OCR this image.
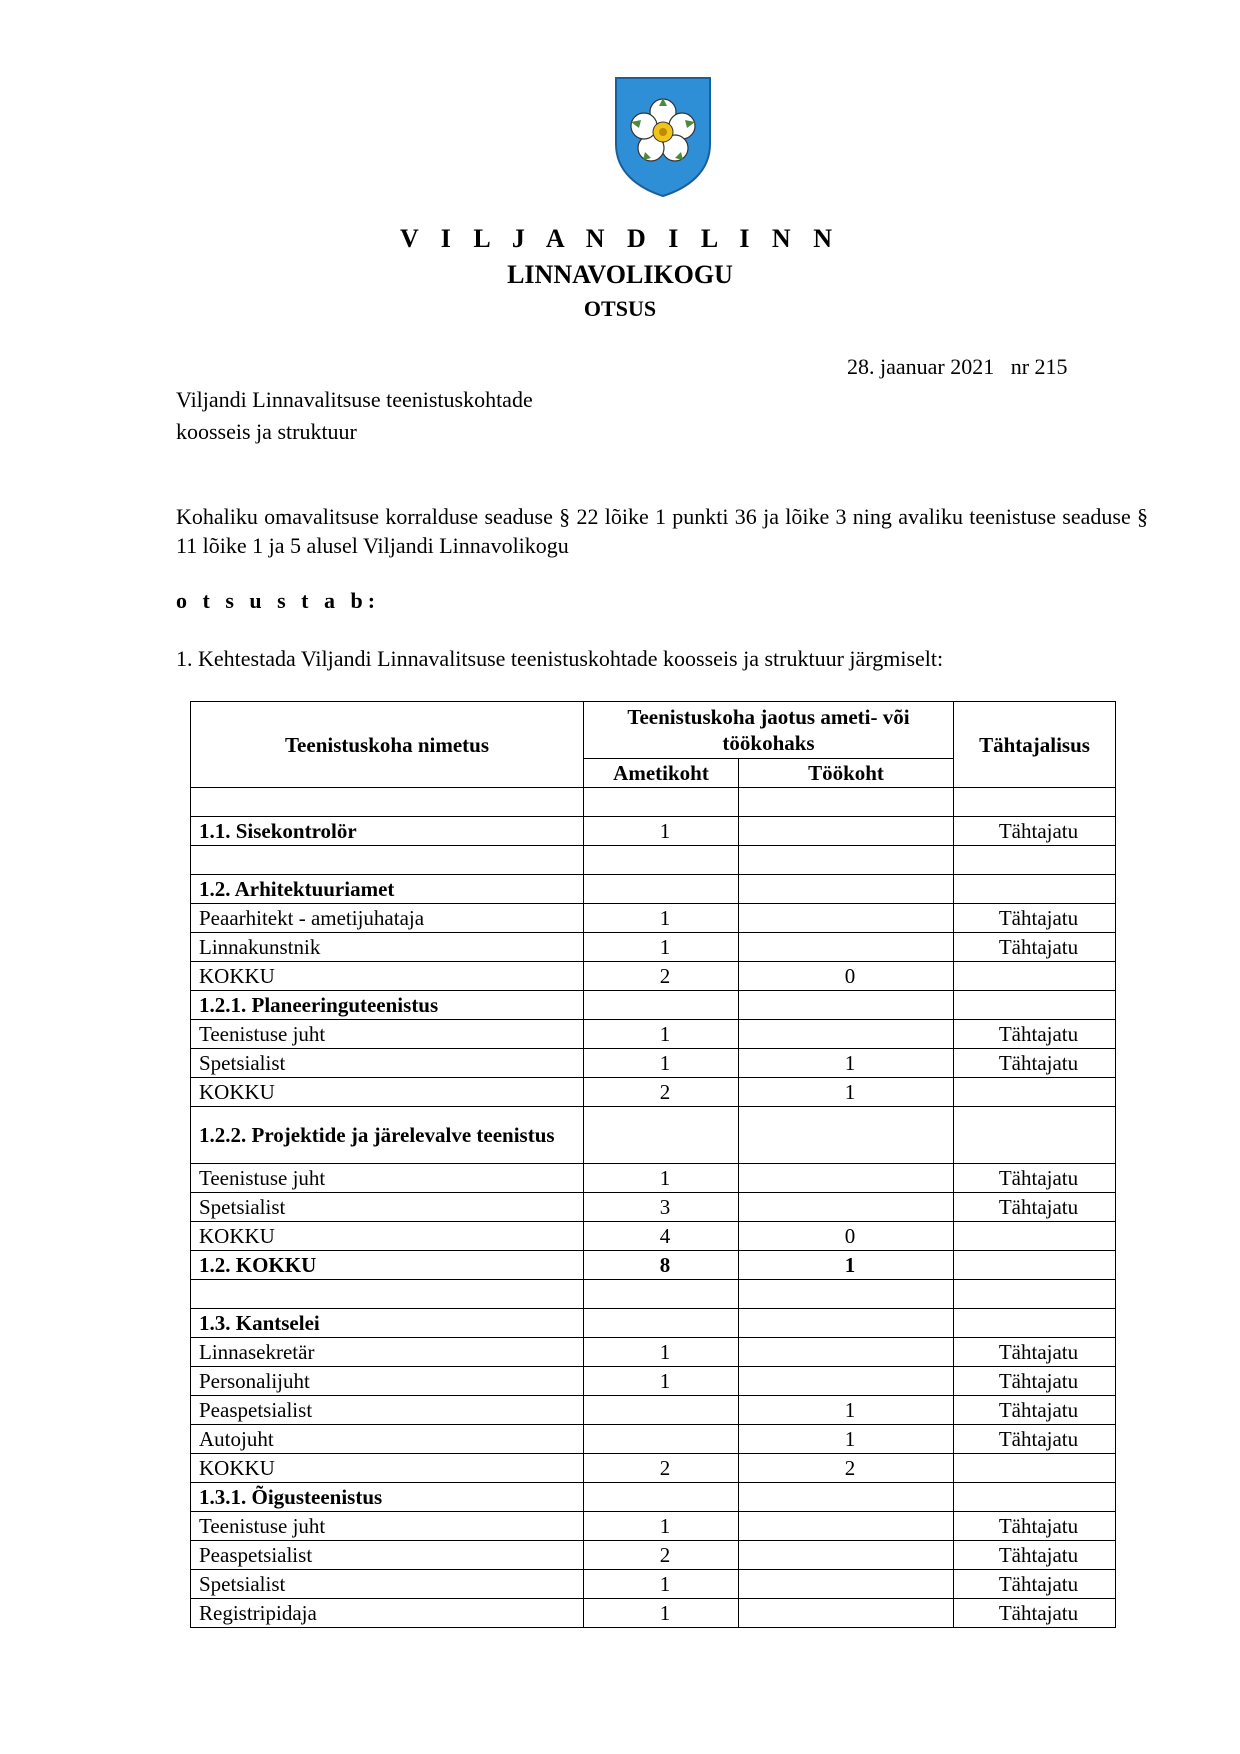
V I L J A N D I L I N N
LINNAVOLIKOGU
OTSUS
28. jaanuar 2021   nr 215
Viljandi Linnavalitsuse teenistuskohtade
koosseis ja struktuur
Kohaliku omavalitsuse korralduse seaduse § 22 lõike 1 punkti 36 ja lõike 3 ning avaliku teenistuse seaduse § 11 lõike 1 ja 5 alusel Viljandi Linnavolikogu
o t s u s t a b:
1. Kehtestada Viljandi Linnavalitsuse teenistuskohtade koosseis ja struktuur järgmiselt:
Teenistuskoha nimetus	Teenistuskoha jaotus ameti- või töökohaks		Tähtajalisus
	Ametikoht	Töökoht	

1.1. Sisekontrolör	1		Tähtajatu

1.2. Arhitektuuriamet			
Peaarhitekt - ametijuhataja	1		Tähtajatu
Linnakunstnik	1		Tähtajatu
KOKKU	2	0	
1.2.1. Planeeringuteenistus			
Teenistuse juht	1		Tähtajatu
Spetsialist	1	1	Tähtajatu
KOKKU	2	1	
1.2.2. Projektide ja järelevalve teenistus			
Teenistuse juht	1		Tähtajatu
Spetsialist	3		Tähtajatu
KOKKU	4	0	
1.2. KOKKU	8	1	

1.3. Kantselei			
Linnasekretär	1		Tähtajatu
Personalijuht	1		Tähtajatu
Peaspetsialist		1	Tähtajatu
Autojuht		1	Tähtajatu
KOKKU	2	2	
1.3.1. Õigusteenistus			
Teenistuse juht	1		Tähtajatu
Peaspetsialist	2		Tähtajatu
Spetsialist	1		Tähtajatu
Registripidaja	1		Tähtajatu
